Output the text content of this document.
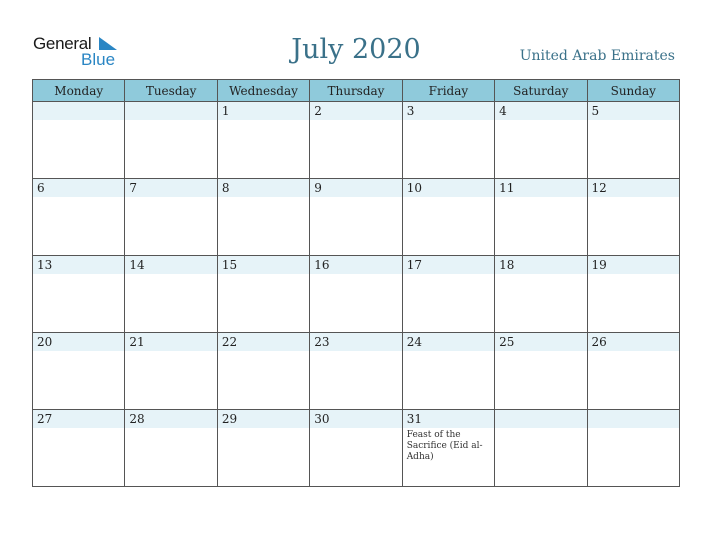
General
Blue	July 2020	United Arab Emirates
Monday	Tuesday	Wednesday	Thursday	Friday	Saturday	Sunday

		1	2	3	4	5

6	7	8	9	10	11	12

13	14	15	16	17	18	19

20	21	22	23	24	25	26

27	28	29	30	31
Feast of the Sacrifice (Eid al-Adha)		
